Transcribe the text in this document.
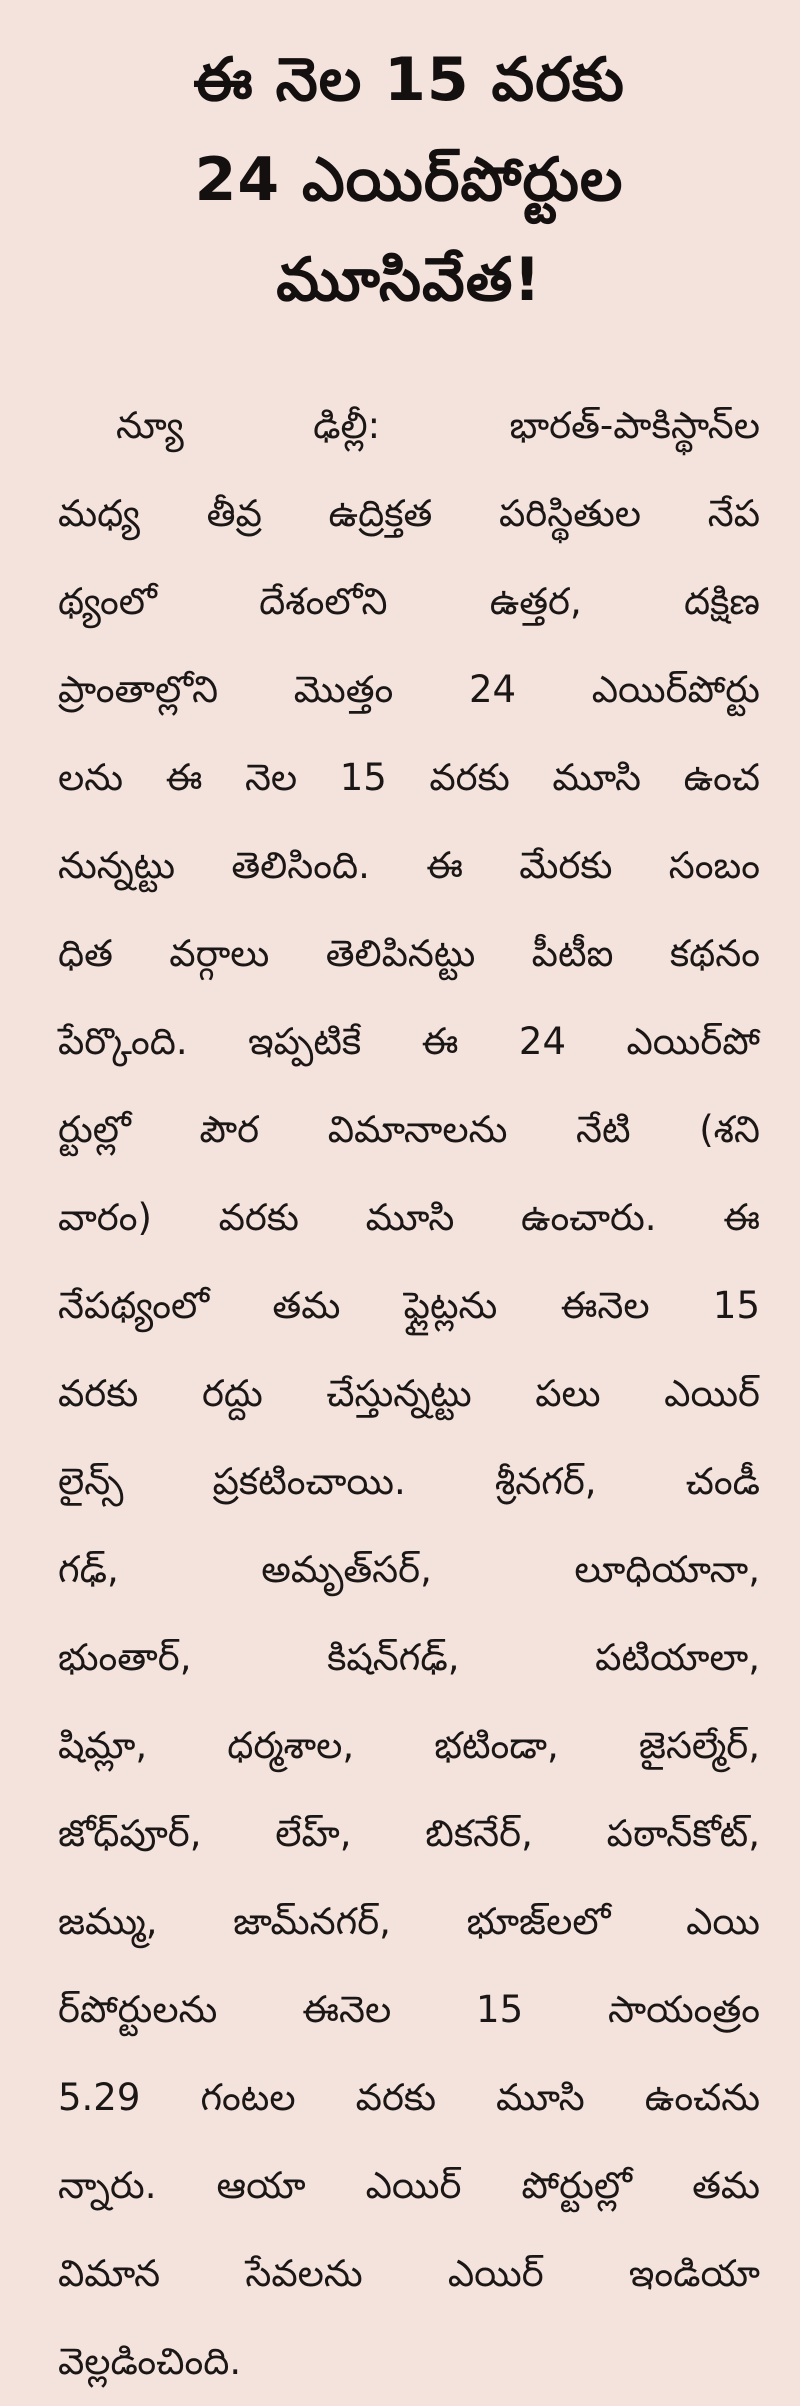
ఈ నెల 15 వరకు
24 ఎయిర్‌పోర్టుల
మూసివేత!
న్యూ ఢిల్లీ: భారత్‌-పాకిస్థాన్‌ల
మధ్య తీవ్ర ఉద్రిక్తత పరిస్థితుల నేప
థ్యంలో దేశంలోని ఉత్తర, దక్షిణ
ప్రాంతాల్లోని మొత్తం 24 ఎయిర్‌పోర్టు
లను ఈ నెల 15 వరకు మూసి ఉంచ
నున్నట్టు తెలిసింది. ఈ మేరకు సంబం
ధిత వర్గాలు తెలిపినట్టు పీటీఐ కథనం
పేర్కొంది. ఇప్పటికే ఈ 24 ఎయిర్‌పో
ర్టుల్లో పౌర విమానాలను నేటి (శని
వారం) వరకు మూసి ఉంచారు. ఈ
నేపథ్యంలో తమ ఫ్లైట్లను ఈనెల 15
వరకు రద్దు చేస్తున్నట్టు పలు ఎయిర్‌
లైన్స్ ప్రకటించాయి. శ్రీనగర్, చండీ
గఢ్, అమృత్‌సర్, లూధియానా,
భుంతార్, కిషన్‌గఢ్, పటియాలా,
షిమ్లా, ధర్మశాల, భటిండా, జైసల్మేర్,
జోధ్‌పూర్, లేహ్, బికనేర్, పఠాన్‌కోట్,
జమ్ము, జామ్‌నగర్, భూజ్‌లలో ఎయి
ర్‌పోర్టులను ఈనెల 15 సాయంత్రం
5.29 గంటల వరకు మూసి ఉంచను
న్నారు. ఆయా ఎయిర్ పోర్టుల్లో తమ
విమాన సేవలను ఎయిర్ ఇండియా
వెల్లడించింది.
